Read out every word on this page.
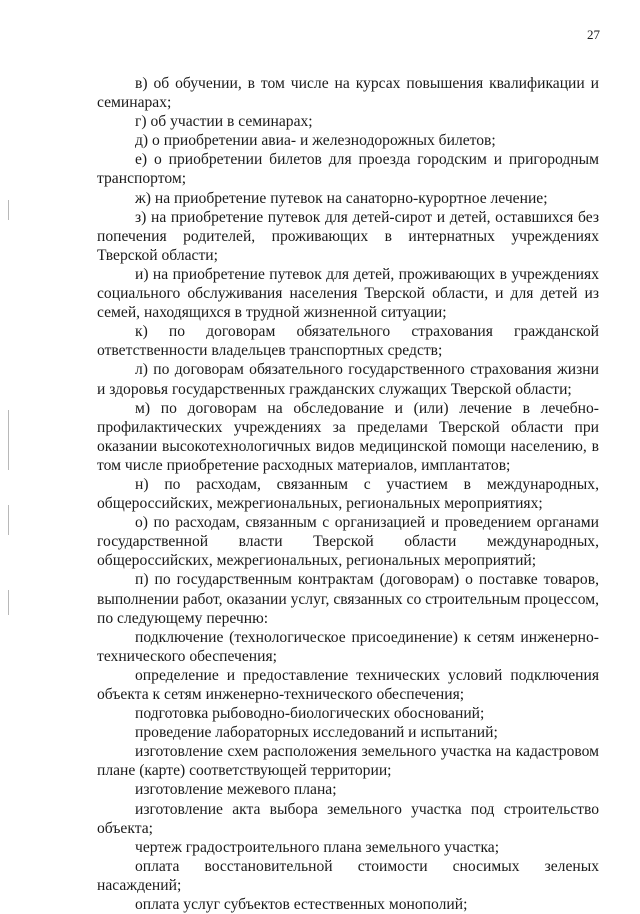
27

в) об обучении, в том числе на курсах повышения квалификации и семинарах;

г) об участии в семинарах;

д) о приобретении авиа- и железнодорожных билетов;

е) о приобретении билетов для проезда городским и пригородным транспортом;

ж) на приобретение путевок на санаторно-курортное лечение;

з) на приобретение путевок для детей-сирот и детей, оставшихся без попечения родителей, проживающих в интернатных учреждениях Тверской области;

и) на приобретение путевок для детей, проживающих в учреждениях социального обслуживания населения Тверской области, и для детей из семей, находящихся в трудной жизненной ситуации;

к) по договорам обязательного страхования гражданской ответственности владельцев транспортных средств;

л) по договорам обязательного государственного страхования жизни и здоровья государственных гражданских служащих Тверской области;

м) по договорам на обследование и (или) лечение в лечебно-профилактических учреждениях за пределами Тверской области при оказании высокотехнологичных видов медицинской помощи населению, в том числе приобретение расходных материалов, имплантатов;

н) по расходам, связанным с участием в международных, общероссийских, межрегиональных, региональных мероприятиях;

о) по расходам, связанным с организацией и проведением органами государственной власти Тверской области международных, общероссийских, межрегиональных, региональных мероприятий;

п) по государственным контрактам (договорам) о поставке товаров, выполнении работ, оказании услуг, связанных со строительным процессом, по следующему перечню:

подключение (технологическое присоединение) к сетям инженерно-технического обеспечения;

определение и предоставление технических условий подключения объекта к сетям инженерно-технического обеспечения;

подготовка рыбоводно-биологических обоснований;

проведение лабораторных исследований и испытаний;

изготовление схем расположения земельного участка на кадастровом плане (карте) соответствующей территории;

изготовление межевого плана;

изготовление акта выбора земельного участка под строительство объекта;

чертеж градостроительного плана земельного участка;

оплата восстановительной стоимости сносимых зеленых насаждений;

оплата услуг субъектов естественных монополий;
